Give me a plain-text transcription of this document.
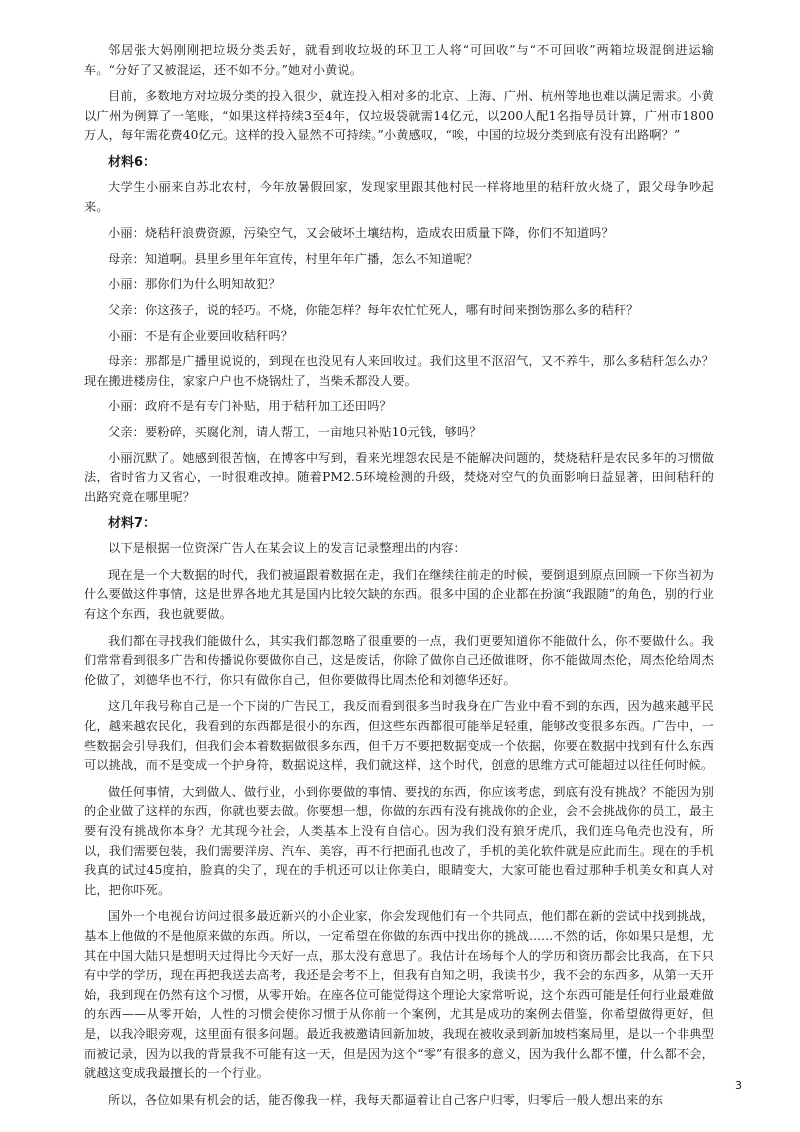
邻居张大妈刚刚把垃圾分类丢好，就看到收垃圾的环卫工人将“可回收”与“不可回收”两箱垃圾混倒进运输车。“分好了又被混运，还不如不分。”她对小黄说。

目前，多数地方对垃圾分类的投入很少，就连投入相对多的北京、上海、广州、杭州等地也难以满足需求。小黄以广州为例算了一笔账，“如果这样持续3至4年，仅垃圾袋就需14亿元，以200人配1名指导员计算，广州市1800万人，每年需花费40亿元。这样的投入显然不可持续。”小黄感叹，“唉，中国的垃圾分类到底有没有出路啊？”

材料6：

大学生小丽来自苏北农村，今年放暑假回家，发现家里跟其他村民一样将地里的秸秆放火烧了，跟父母争吵起来。

小丽：烧秸秆浪费资源，污染空气，又会破坏土壤结构，造成农田质量下降，你们不知道吗？

母亲：知道啊。县里乡里年年宣传，村里年年广播，怎么不知道呢？

小丽：那你们为什么明知故犯？

父亲：你这孩子，说的轻巧。不烧，你能怎样？每年农忙忙死人，哪有时间来捯饬那么多的秸秆？

小丽：不是有企业要回收秸秆吗？

母亲：那都是广播里说说的，到现在也没见有人来回收过。我们这里不沤沼气，又不养牛，那么多秸秆怎么办？现在搬进楼房住，家家户户也不烧锅灶了，当柴禾都没人要。

小丽：政府不是有专门补贴，用于秸秆加工还田吗？

父亲：要粉碎，买腐化剂，请人帮工，一亩地只补贴10元钱，够吗？

小丽沉默了。她感到很苦恼，在博客中写到，看来光埋怨农民是不能解决问题的，焚烧秸秆是农民多年的习惯做法，省时省力又省心，一时很难改掉。随着PM2.5环境检测的升级，焚烧对空气的负面影响日益显著，田间秸秆的出路究竟在哪里呢？

材料7：

以下是根据一位资深广告人在某会议上的发言记录整理出的内容：

现在是一个大数据的时代，我们被逼跟着数据在走，我们在继续往前走的时候，要倒退到原点回顾一下你当初为什么要做这件事情，这是世界各地尤其是国内比较欠缺的东西。很多中国的企业都在扮演“我跟随”的角色，别的行业有这个东西，我也就要做。

我们都在寻找我们能做什么，其实我们都忽略了很重要的一点，我们更要知道你不能做什么，你不要做什么。我们常常看到很多广告和传播说你要做你自己，这是废话，你除了做你自己还做谁呀，你不能做周杰伦，周杰伦给周杰伦做了，刘德华也不行，你只有做你自己，但你要做得比周杰伦和刘德华还好。

这几年我号称自己是一个下岗的广告民工，我反而看到很多当时我身在广告业中看不到的东西，因为越来越平民化，越来越农民化，我看到的东西都是很小的东西，但这些东西都很可能举足轻重，能够改变很多东西。广告中，一些数据会引导我们，但我们会本着数据做很多东西，但千万不要把数据变成一个依据，你要在数据中找到有什么东西可以挑战，而不是变成一个护身符，数据说这样，我们就这样，这个时代，创意的思维方式可能超过以往任何时候。

做任何事情，大到做人、做行业，小到你要做的事情、要找的东西，你应该考虑，到底有没有挑战？不能因为别的企业做了这样的东西，你就也要去做。你要想一想，你做的东西有没有挑战你的企业，会不会挑战你的员工，最主要有没有挑战你本身？尤其现今社会，人类基本上没有自信心。因为我们没有狼牙虎爪，我们连乌龟壳也没有，所以，我们需要包装，我们需要洋房、汽车、美容，再不行把面孔也改了，手机的美化软件就是应此而生。现在的手机我真的试过45度拍，脸真的尖了，现在的手机还可以让你美白，眼睛变大，大家可能也看过那种手机美女和真人对比，把你吓死。

国外一个电视台访问过很多最近新兴的小企业家，你会发现他们有一个共同点，他们都在新的尝试中找到挑战，基本上他做的不是他原来做的东西。所以，一定希望在你做的东西中找出你的挑战......不然的话，你如果只是想，尤其在中国大陆只是想明天过得比今天好一点，那太没有意思了。我估计在场每个人的学历和资历都会比我高，在下只有中学的学历，现在再把我送去高考，我还是会考不上，但我有自知之明，我读书少，我不会的东西多，从第一天开始，我到现在仍然有这个习惯，从零开始。在座各位可能觉得这个理论大家常听说，这个东西可能是任何行业最难做的东西——从零开始，人性的习惯会使你习惯于从你前一个案例，尤其是成功的案例去借鉴，你希望做得更好，但是，以我冷眼旁观，这里面有很多问题。最近我被邀请回新加坡，我现在被收录到新加坡档案局里，是以一个非典型而被记录，因为以我的背景我不可能有这一天，但是因为这个“零”有很多的意义，因为我什么都不懂，什么都不会，就越这变成我最擅长的一个行业。

所以，各位如果有机会的话，能否像我一样，我每天都逼着让自己客户归零，归零后一般人想出来的东

3
